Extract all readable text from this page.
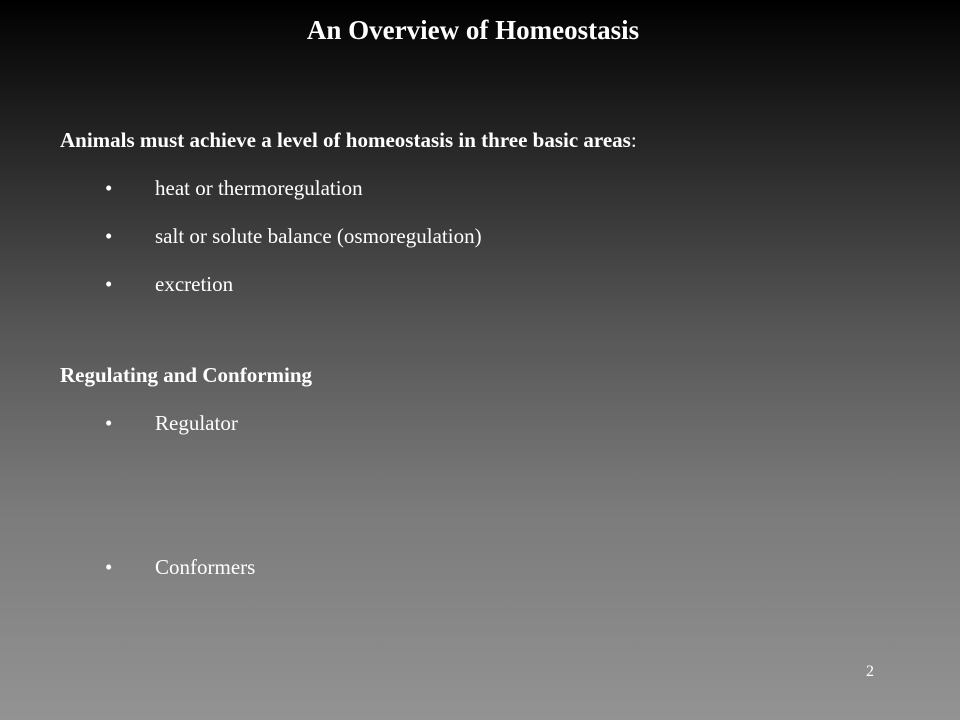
An Overview of Homeostasis
Animals must achieve a level of homeostasis in three basic areas:
• heat or thermoregulation
• salt or solute balance (osmoregulation)
• excretion
Regulating and Conforming
• Regulator
• Conformers
2
